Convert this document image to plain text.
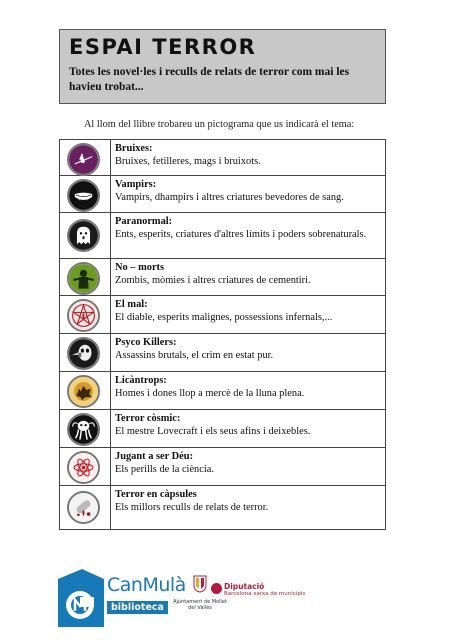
ESPAI TERROR
Totes les novel·les i reculls de relats de terror com mai les havieu trobat...
Al llom del llibre trobareu un pictograma que us indicarà el tema:

Bruixes:
Bruixes, fetilleres, mags i bruixots.

Vampirs:
Vampirs, dhampirs i altres criatures bevedores de sang.

Paranormal:
Ents, esperits, criatures d'altres límits i poders sobrenaturals.

No – morts
Zombis, mòmies i altres criatures de cementiri.

El mal:
El diable, esperits malignes, possessions infernals,...

Psyco Killers:
Assassins brutals, el crim en estat pur.

Licàntrops:
Homes i dones llop a mercè de la lluna plena.

Terror còsmic:
El mestre Lovecraft i els seus afins i deixebles.

Jugant a ser Déu:
Els perills de la ciència.

Terror en càpsules
Els millors reculls de relats de terror.
CanMulà
biblioteca	Ajuntament de Mollet del Vallès
Diputació
Barcelona xarxa de municipis
